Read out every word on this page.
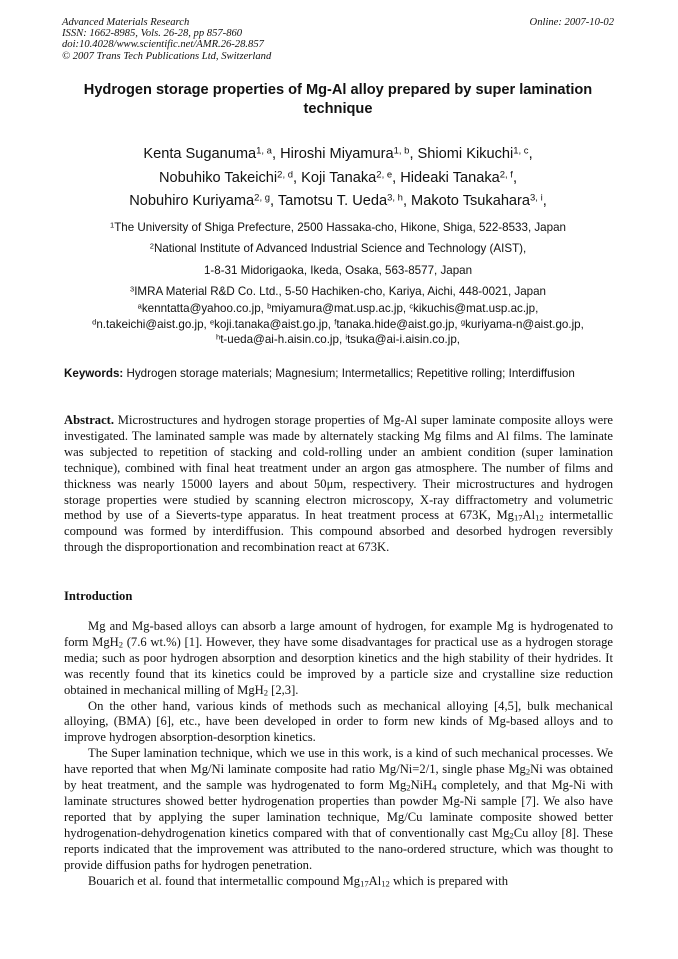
Advanced Materials Research
ISSN: 1662-8985, Vols. 26-28, pp 857-860
doi:10.4028/www.scientific.net/AMR.26-28.857
© 2007 Trans Tech Publications Ltd, Switzerland
Online: 2007-10-02
Hydrogen storage properties of Mg-Al alloy prepared by super lamination technique
Kenta Suganuma$^{1, a}$, Hiroshi Miyamura$^{1, b}$, Shiomi Kikuchi$^{1, c}$,
Nobuhiko Takeichi$^{2, d}$, Koji Tanaka$^{2, e}$, Hideaki Tanaka$^{2, f}$,
Nobuhiro Kuriyama$^{2, g}$, Tamotsu T. Ueda$^{3, h}$, Makoto Tsukahara$^{3, i}$,
$^1$The University of Shiga Prefecture, 2500 Hassaka-cho, Hikone, Shiga, 522-8533, Japan
$^2$National Institute of Advanced Industrial Science and Technology (AIST),
1-8-31 Midorigaoka, Ikeda, Osaka, 563-8577, Japan
$^3$IMRA Material R&D Co. Ltd., 5-50 Hachiken-cho, Kariya, Aichi, 448-0021, Japan
$^a$kenntatta@yahoo.co.jp, $^b$miyamura@mat.usp.ac.jp, $^c$kikuchis@mat.usp.ac.jp,
$^d$n.takeichi@aist.go.jp, $^e$koji.tanaka@aist.go.jp, $^f$tanaka.hide@aist.go.jp, $^g$kuriyama-n@aist.go.jp,
$^h$t-ueda@ai-h.aisin.co.jp, $^i$tsuka@ai-i.aisin.co.jp,
Keywords: Hydrogen storage materials; Magnesium; Intermetallics; Repetitive rolling; Interdiffusion
Abstract. Microstructures and hydrogen storage properties of Mg-Al super laminate composite alloys were investigated. The laminated sample was made by alternately stacking Mg films and Al films. The laminate was subjected to repetition of stacking and cold-rolling under an ambient condition (super lamination technique), combined with final heat treatment under an argon gas atmosphere. The number of films and thickness was nearly 15000 layers and about 50μm, respectivery. Their microstructures and hydrogen storage properties were studied by scanning electron microscopy, X-ray diffractometry and volumetric method by use of a Sieverts-type apparatus. In heat treatment process at 673K, $Mg_{17}Al_{12}$ intermetallic compound was formed by interdiffusion. This compound absorbed and desorbed hydrogen reversibly through the disproportionation and recombination react at 673K.
Introduction

Mg and Mg-based alloys can absorb a large amount of hydrogen, for example Mg is hydrogenated to form MgH$_2$ (7.6 wt.%) [1]. However, they have some disadvantages for practical use as a hydrogen storage media; such as poor hydrogen absorption and desorption kinetics and the high stability of their hydrides. It was recently found that its kinetics could be improved by a particle size and crystalline size reduction obtained in mechanical milling of MgH$_2$ [2,3].

On the other hand, various kinds of methods such as mechanical alloying [4,5], bulk mechanical alloying, (BMA) [6], etc., have been developed in order to form new kinds of Mg-based alloys and to improve hydrogen absorption-desorption kinetics.

The Super lamination technique, which we use in this work, is a kind of such mechanical processes. We have reported that when Mg/Ni laminate composite had ratio Mg/Ni=2/1, single phase $Mg_2Ni$ was obtained by heat treatment, and the sample was hydrogenated to form $Mg_2NiH_4$ completely, and that Mg-Ni with laminate structures showed better hydrogenation properties than powder Mg-Ni sample [7]. We also have reported that by applying the super lamination technique, Mg/Cu laminate composite showed better hydrogenation-dehydrogenation kinetics compared with that of conventionally cast $Mg_2Cu$ alloy [8]. These reports indicated that the improvement was attributed to the nano-ordered structure, which was thought to provide diffusion paths for hydrogen penetration.

Bouarich et al. found that intermetallic compound $Mg_{17}Al_{12}$ which is prepared with
